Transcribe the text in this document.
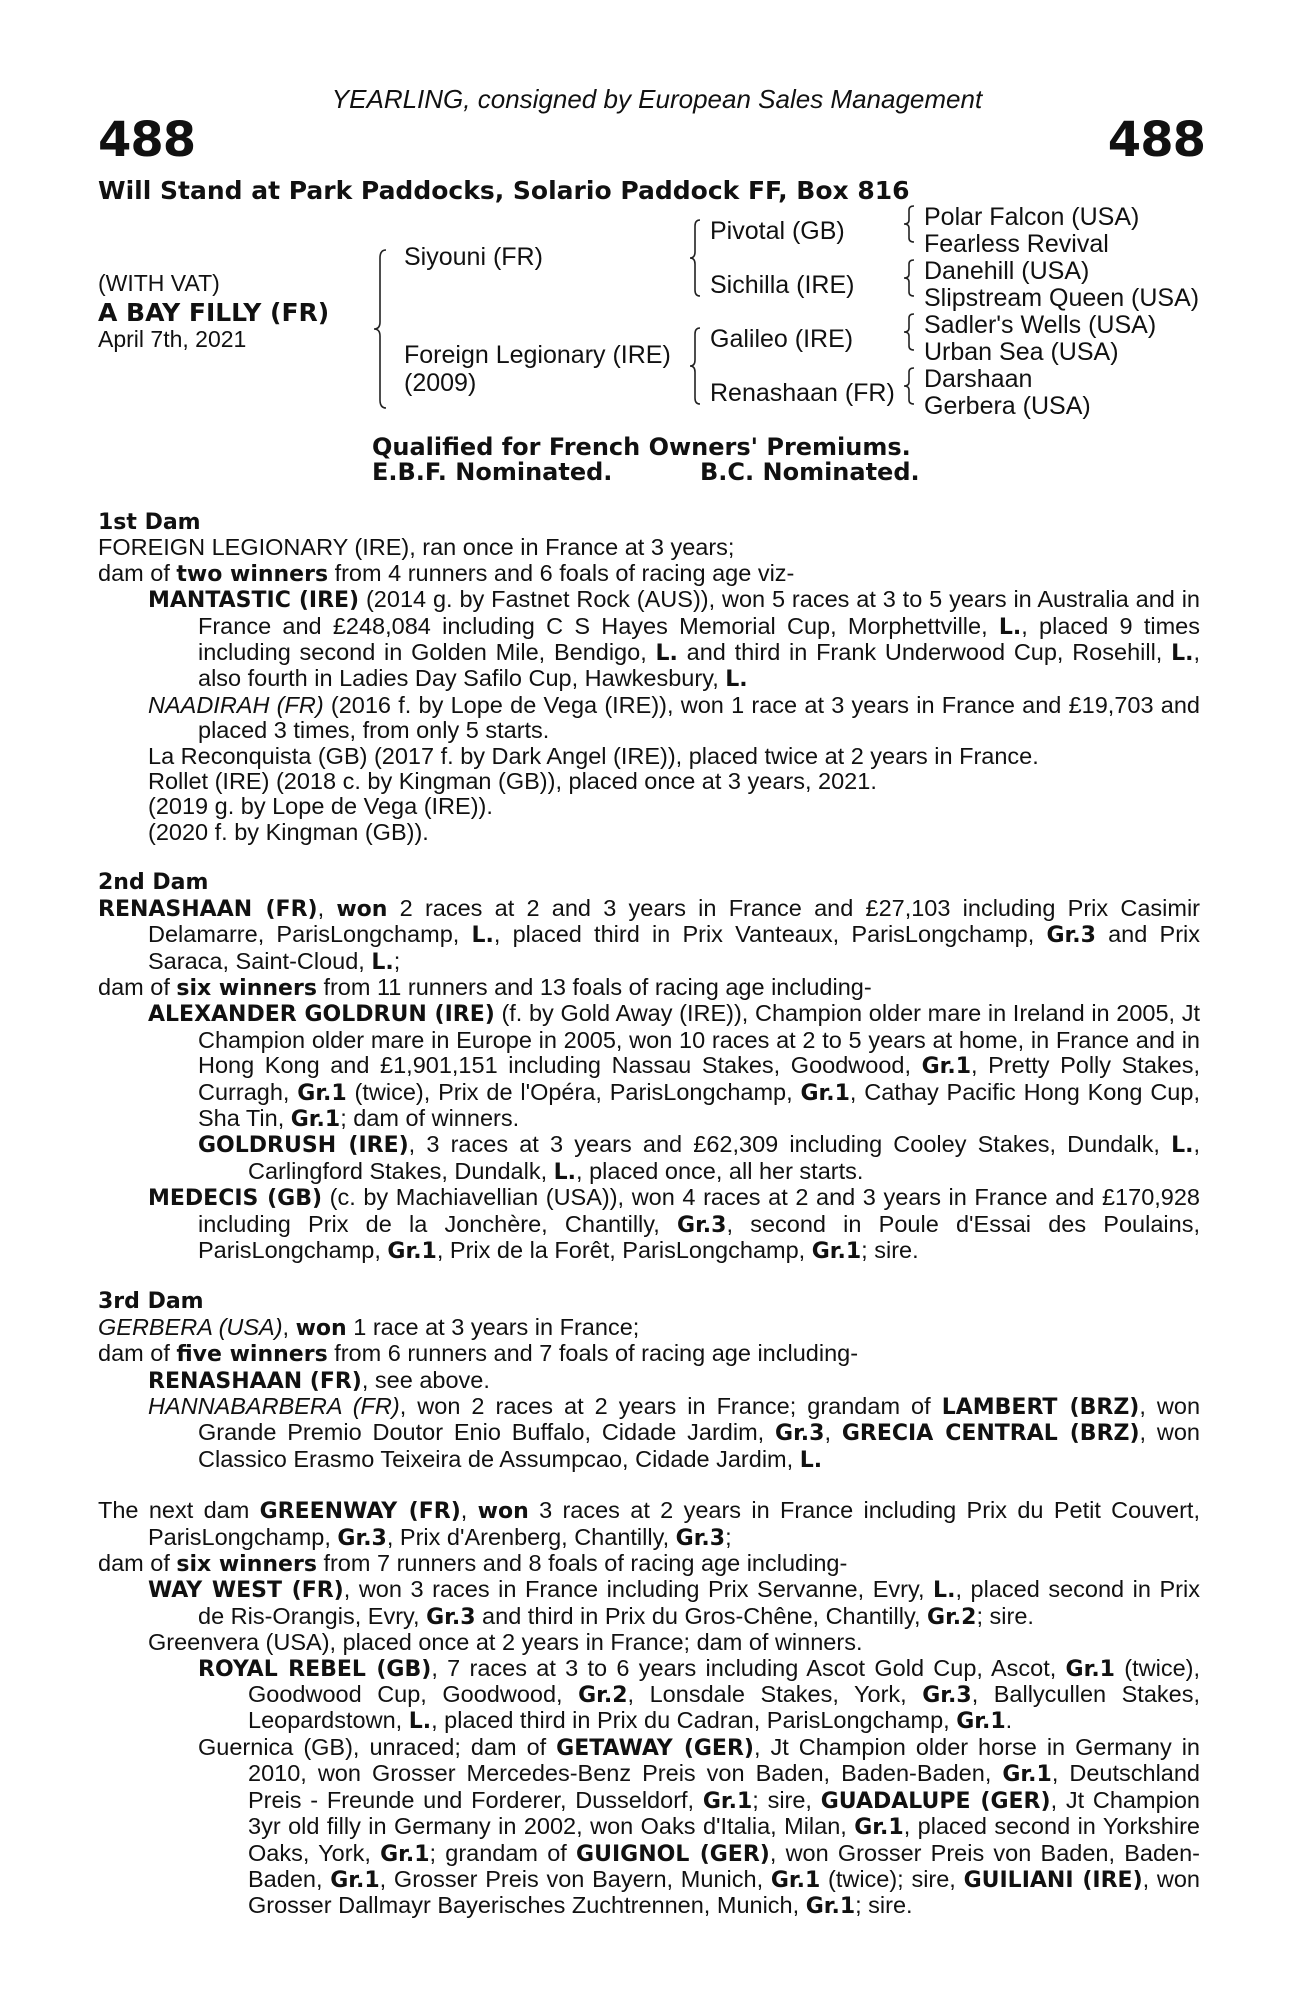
YEARLING, consigned by European Sales Management
488	488
Will Stand at Park Paddocks, Solario Paddock FF, Box 816
(WITH VAT)
A BAY FILLY (FR)
April 7th, 2021
Siyouni (FR)
Foreign Legionary (IRE)
(2009)
Pivotal (GB)
Sichilla (IRE)
Galileo (IRE)
Renashaan (FR)
Polar Falcon (USA)
Fearless Revival
Danehill (USA)
Slipstream Queen (USA)
Sadler's Wells (USA)
Urban Sea (USA)
Darshaan
Gerbera (USA)
Qualified for French Owners' Premiums.
E.B.F. Nominated.	B.C. Nominated.
1st Dam

FOREIGN LEGIONARY (IRE), ran once in France at 3 years;

dam of two winners from 4 runners and 6 foals of racing age viz-

MANTASTIC (IRE) (2014 g. by Fastnet Rock (AUS)), won 5 races at 3 to 5 years in Australia and in France and £248,084 including C S Hayes Memorial Cup, Morphettville, L., placed 9 times including second in Golden Mile, Bendigo, L. and third in Frank Underwood Cup, Rosehill, L., also fourth in Ladies Day Safilo Cup, Hawkesbury, L.

NAADIRAH (FR) (2016 f. by Lope de Vega (IRE)), won 1 race at 3 years in France and £19,703 and placed 3 times, from only 5 starts.

La Reconquista (GB) (2017 f. by Dark Angel (IRE)), placed twice at 2 years in France.

Rollet (IRE) (2018 c. by Kingman (GB)), placed once at 3 years, 2021.

(2019 g. by Lope de Vega (IRE)).

(2020 f. by Kingman (GB)).

2nd Dam

RENASHAAN (FR), won 2 races at 2 and 3 years in France and £27,103 including Prix Casimir Delamarre, ParisLongchamp, L., placed third in Prix Vanteaux, ParisLongchamp, Gr.3 and Prix Saraca, Saint-Cloud, L.;

dam of six winners from 11 runners and 13 foals of racing age including-

ALEXANDER GOLDRUN (IRE) (f. by Gold Away (IRE)), Champion older mare in Ireland in 2005, Jt Champion older mare in Europe in 2005, won 10 races at 2 to 5 years at home, in France and in Hong Kong and £1,901,151 including Nassau Stakes, Goodwood, Gr.1, Pretty Polly Stakes, Curragh, Gr.1 (twice), Prix de l'Opéra, ParisLongchamp, Gr.1, Cathay Pacific Hong Kong Cup, Sha Tin, Gr.1; dam of winners.

GOLDRUSH (IRE), 3 races at 3 years and £62,309 including Cooley Stakes, Dundalk, L., Carlingford Stakes, Dundalk, L., placed once, all her starts.

MEDECIS (GB) (c. by Machiavellian (USA)), won 4 races at 2 and 3 years in France and £170,928 including Prix de la Jonchère, Chantilly, Gr.3, second in Poule d'Essai des Poulains, ParisLongchamp, Gr.1, Prix de la Forêt, ParisLongchamp, Gr.1; sire.

3rd Dam

GERBERA (USA), won 1 race at 3 years in France;

dam of five winners from 6 runners and 7 foals of racing age including-

RENASHAAN (FR), see above.

HANNABARBERA (FR), won 2 races at 2 years in France; grandam of LAMBERT (BRZ), won Grande Premio Doutor Enio Buffalo, Cidade Jardim, Gr.3, GRECIA CENTRAL (BRZ), won Classico Erasmo Teixeira de Assumpcao, Cidade Jardim, L.

The next dam GREENWAY (FR), won 3 races at 2 years in France including Prix du Petit Couvert, ParisLongchamp, Gr.3, Prix d'Arenberg, Chantilly, Gr.3;

dam of six winners from 7 runners and 8 foals of racing age including-

WAY WEST (FR), won 3 races in France including Prix Servanne, Evry, L., placed second in Prix de Ris-Orangis, Evry, Gr.3 and third in Prix du Gros-Chêne, Chantilly, Gr.2; sire.

Greenvera (USA), placed once at 2 years in France; dam of winners.

ROYAL REBEL (GB), 7 races at 3 to 6 years including Ascot Gold Cup, Ascot, Gr.1 (twice), Goodwood Cup, Goodwood, Gr.2, Lonsdale Stakes, York, Gr.3, Ballycullen Stakes, Leopardstown, L., placed third in Prix du Cadran, ParisLongchamp, Gr.1.

Guernica (GB), unraced; dam of GETAWAY (GER), Jt Champion older horse in Germany in 2010, won Grosser Mercedes-Benz Preis von Baden, Baden-Baden, Gr.1, Deutschland Preis - Freunde und Forderer, Dusseldorf, Gr.1; sire, GUADALUPE (GER), Jt Champion 3yr old filly in Germany in 2002, won Oaks d'Italia, Milan, Gr.1, placed second in Yorkshire Oaks, York, Gr.1; grandam of GUIGNOL (GER), won Grosser Preis von Baden, Baden-Baden, Gr.1, Grosser Preis von Bayern, Munich, Gr.1 (twice); sire, GUILIANI (IRE), won Grosser Dallmayr Bayerisches Zuchtrennen, Munich, Gr.1; sire.
